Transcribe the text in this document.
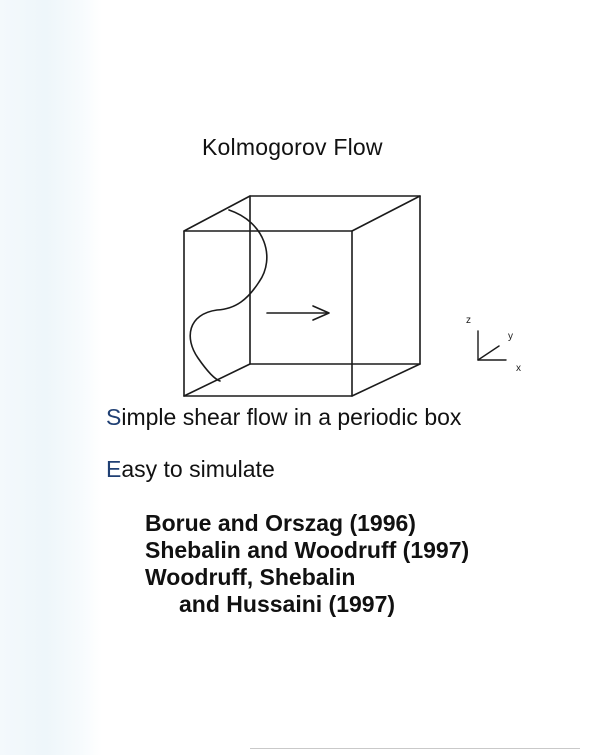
Kolmogorov Flow
z
y
x
Simple shear flow in a periodic box
Easy to simulate
Borue and Orszag (1996)
Shebalin and Woodruff (1997)
Woodruff, Shebalin
and Hussaini (1997)
